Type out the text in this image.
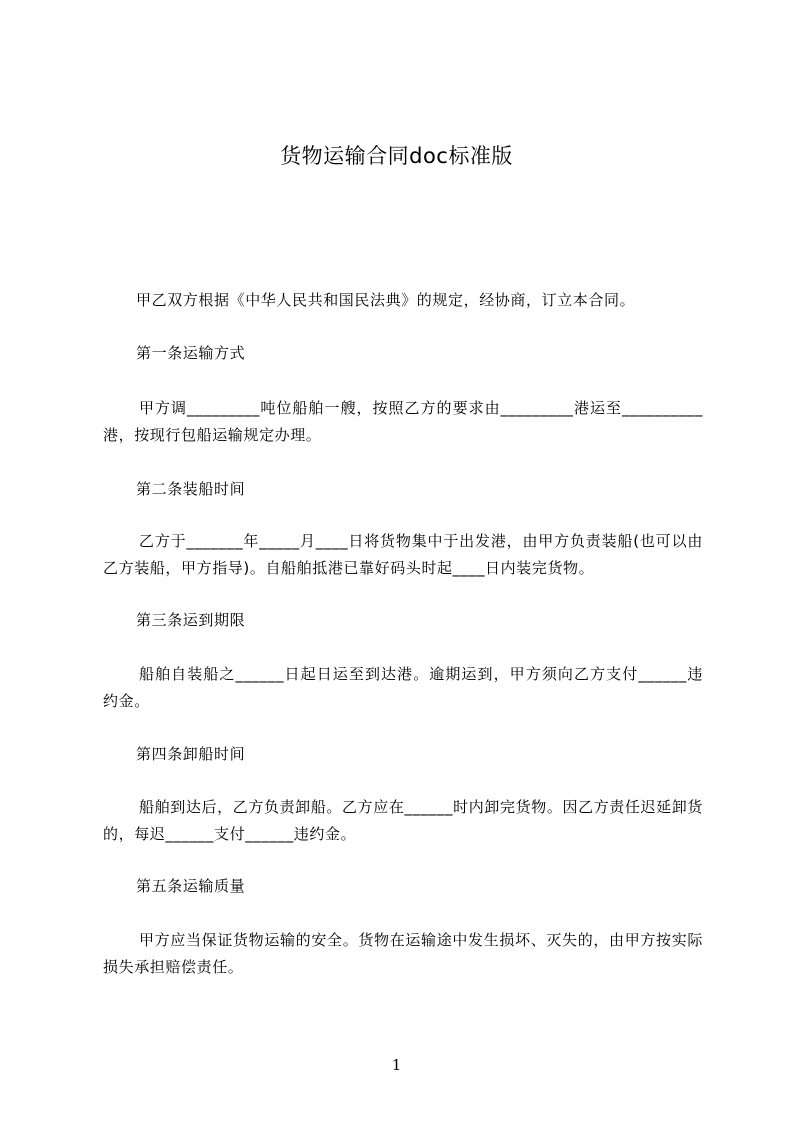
货物运输合同doc标准版
甲乙双方根据《中华人民共和国民法典》的规定，经协商，订立本合同。
第一条运输方式
甲方调_________吨位船舶一艘，按照乙方的要求由_________港运至__________港，按现行包船运输规定办理。
第二条装船时间
乙方于_______年_____月____日将货物集中于出发港，由甲方负责装船(也可以由乙方装船，甲方指导)。自船舶抵港已靠好码头时起____日内装完货物。
第三条运到期限
船舶自装船之______日起日运至到达港。逾期运到，甲方须向乙方支付______违约金。
第四条卸船时间
船舶到达后，乙方负责卸船。乙方应在______时内卸完货物。因乙方责任迟延卸货的，每迟______支付______违约金。
第五条运输质量
甲方应当保证货物运输的安全。货物在运输途中发生损坏、灭失的，由甲方按实际损失承担赔偿责任。
1
